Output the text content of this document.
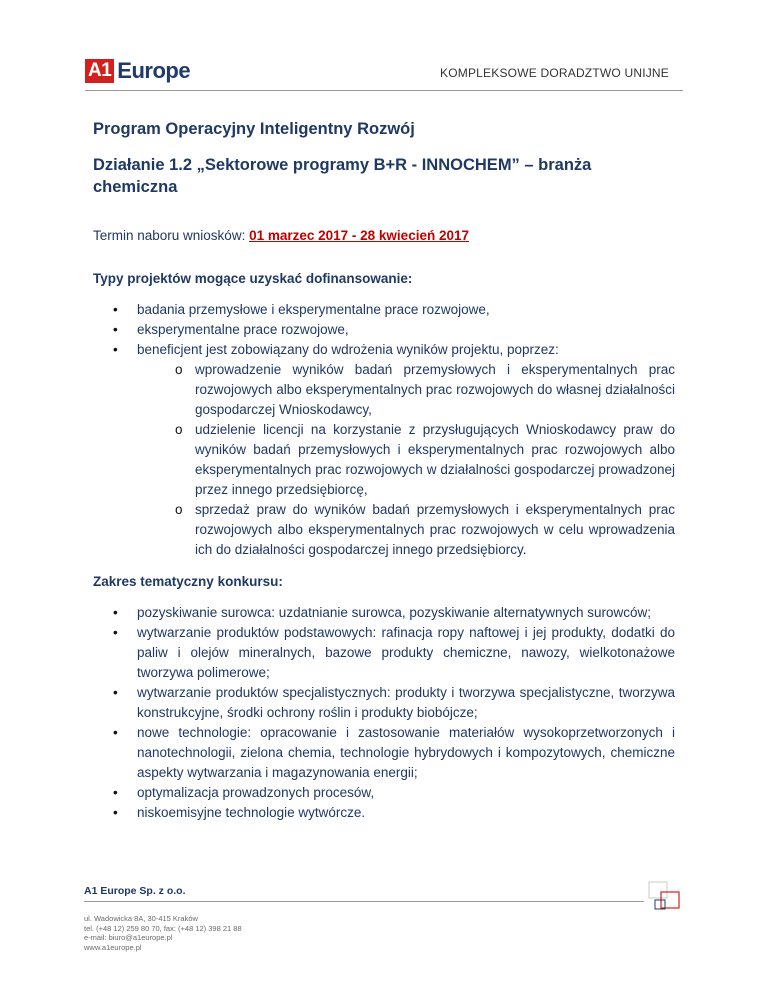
A1 Europe	KOMPLEKSOWE DORADZTWO UNIJNE
Program Operacyjny Inteligentny Rozwój
Działanie 1.2 „Sektorowe programy B+R - INNOCHEM” – branża chemiczna
Termin naboru wniosków: 01 marzec 2017 - 28 kwiecień 2017
Typy projektów mogące uzyskać dofinansowanie:
• badania przemysłowe i eksperymentalne prace rozwojowe,
• eksperymentalne prace rozwojowe,
• beneficjent jest zobowiązany do wdrożenia wyników projektu, poprzez:
o wprowadzenie wyników badań przemysłowych i eksperymentalnych prac rozwojowych albo eksperymentalnych prac rozwojowych do własnej działalności gospodarczej Wnioskodawcy,
o udzielenie licencji na korzystanie z przysługujących Wnioskodawcy praw do wyników badań przemysłowych i eksperymentalnych prac rozwojowych albo eksperymentalnych prac rozwojowych w działalności gospodarczej prowadzonej przez innego przedsiębiorcę,
o sprzedaż praw do wyników badań przemysłowych i eksperymentalnych prac rozwojowych albo eksperymentalnych prac rozwojowych w celu wprowadzenia ich do działalności gospodarczej innego przedsiębiorcy.
Zakres tematyczny konkursu:
• pozyskiwanie surowca: uzdatnianie surowca, pozyskiwanie alternatywnych surowców;
• wytwarzanie produktów podstawowych: rafinacja ropy naftowej i jej produkty, dodatki do paliw i olejów mineralnych, bazowe produkty chemiczne, nawozy, wielkotonażowe tworzywa polimerowe;
• wytwarzanie produktów specjalistycznych: produkty i tworzywa specjalistyczne, tworzywa konstrukcyjne, środki ochrony roślin i produkty biobójcze;
• nowe technologie: opracowanie i zastosowanie materiałów wysokoprzetworzonych i nanotechnologii, zielona chemia, technologie hybrydowych i kompozytowych, chemiczne aspekty wytwarzania i magazynowania energii;
• optymalizacja prowadzonych procesów,
• niskoemisyjne technologie wytwórcze.
A1 Europe Sp. z o.o.
ul. Wadowicka 8A, 30-415 Kraków
tel. (+48 12) 259 80 70, fax: (+48 12) 398 21 88
e-mail: biuro@a1europe.pl
www.a1europe.pl
